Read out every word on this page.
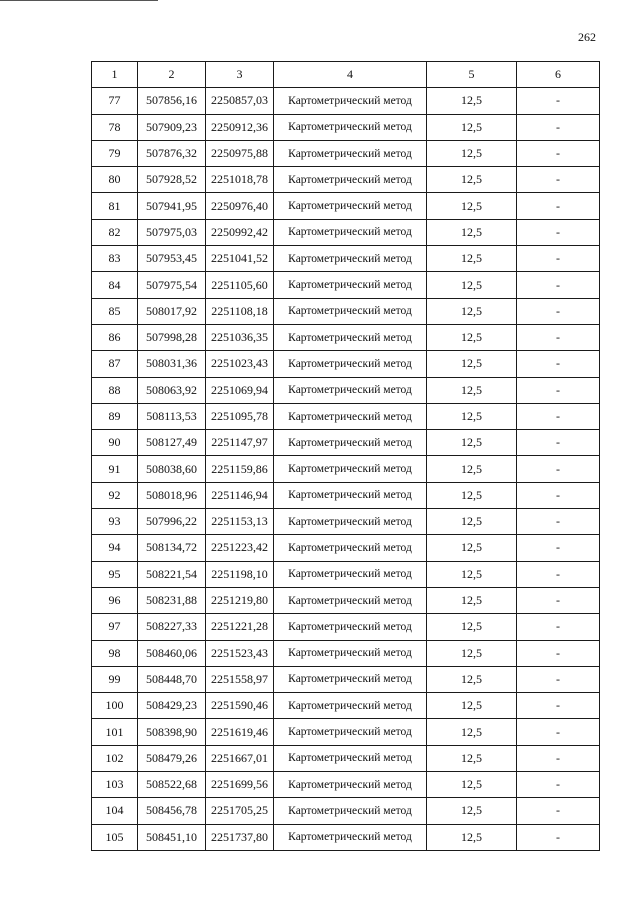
262
1	2	3	4	5	6
77	507856,16	2250857,03	Картометрический метод	12,5	-
78	507909,23	2250912,36	Картометрический метод	12,5	-
79	507876,32	2250975,88	Картометрический метод	12,5	-
80	507928,52	2251018,78	Картометрический метод	12,5	-
81	507941,95	2250976,40	Картометрический метод	12,5	-
82	507975,03	2250992,42	Картометрический метод	12,5	-
83	507953,45	2251041,52	Картометрический метод	12,5	-
84	507975,54	2251105,60	Картометрический метод	12,5	-
85	508017,92	2251108,18	Картометрический метод	12,5	-
86	507998,28	2251036,35	Картометрический метод	12,5	-
87	508031,36	2251023,43	Картометрический метод	12,5	-
88	508063,92	2251069,94	Картометрический метод	12,5	-
89	508113,53	2251095,78	Картометрический метод	12,5	-
90	508127,49	2251147,97	Картометрический метод	12,5	-
91	508038,60	2251159,86	Картометрический метод	12,5	-
92	508018,96	2251146,94	Картометрический метод	12,5	-
93	507996,22	2251153,13	Картометрический метод	12,5	-
94	508134,72	2251223,42	Картометрический метод	12,5	-
95	508221,54	2251198,10	Картометрический метод	12,5	-
96	508231,88	2251219,80	Картометрический метод	12,5	-
97	508227,33	2251221,28	Картометрический метод	12,5	-
98	508460,06	2251523,43	Картометрический метод	12,5	-
99	508448,70	2251558,97	Картометрический метод	12,5	-
100	508429,23	2251590,46	Картометрический метод	12,5	-
101	508398,90	2251619,46	Картометрический метод	12,5	-
102	508479,26	2251667,01	Картометрический метод	12,5	-
103	508522,68	2251699,56	Картометрический метод	12,5	-
104	508456,78	2251705,25	Картометрический метод	12,5	-
105	508451,10	2251737,80	Картометрический метод	12,5	-
